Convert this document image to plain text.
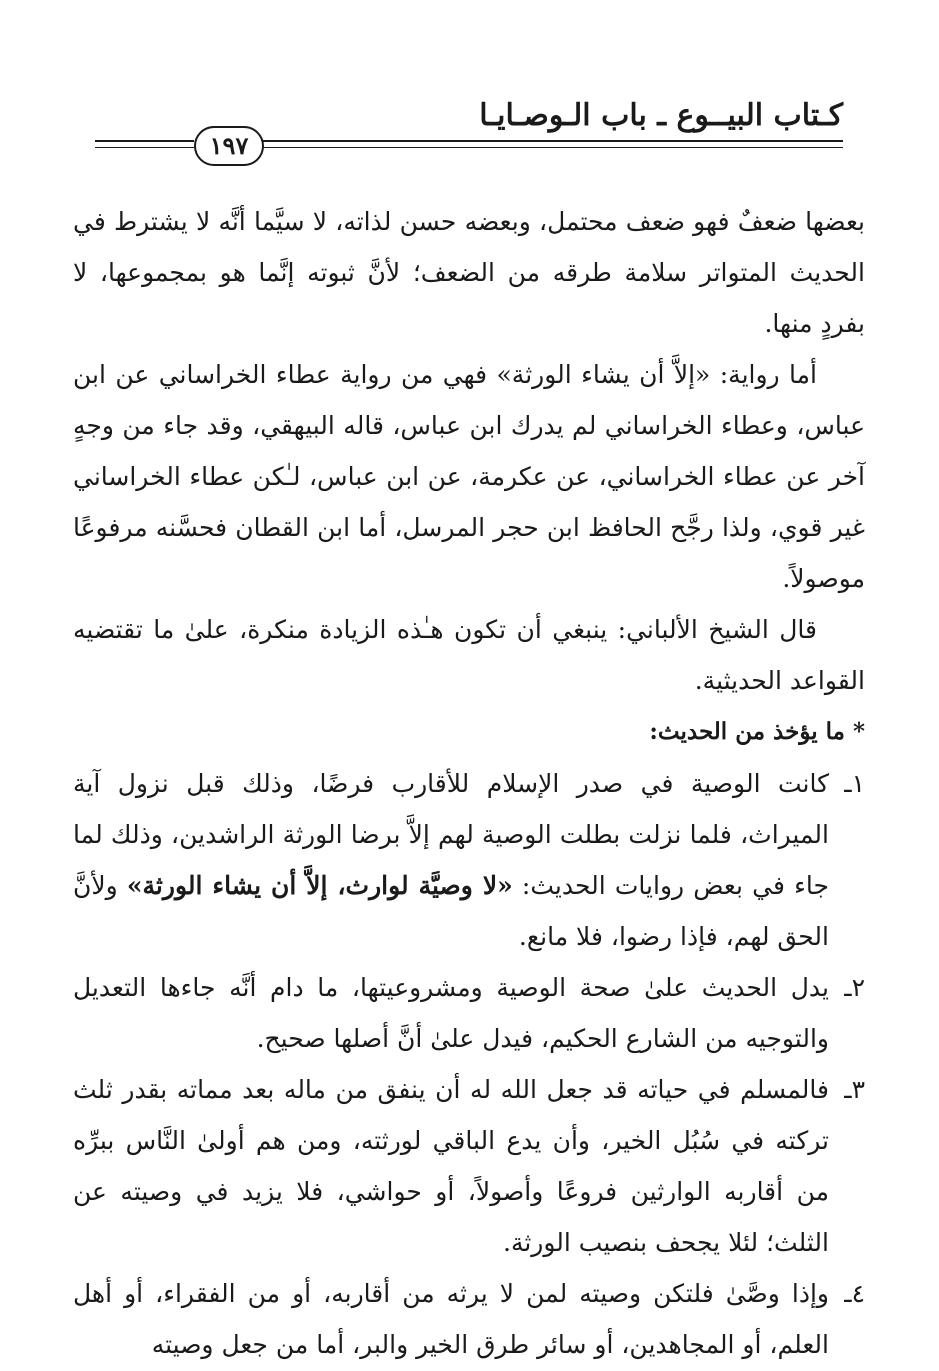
كـتاب البيــوع ـ باب الـوصـايـا
١٩٧

بعضها ضعفٌ فهو ضعف محتمل، وبعضه حسن لذاته، لا سيَّما أنَّه لا يشترط في الحديث المتواتر سلامة طرقه من الضعف؛ لأنَّ ثبوته إنَّما هو بمجموعها، لا بفردٍ منها.

أما رواية: «إلاَّ أن يشاء الورثة» فهي من رواية عطاء الخراساني عن ابن عباس، وعطاء الخراساني لم يدرك ابن عباس، قاله البيهقي، وقد جاء من وجهٍ آخر عن عطاء الخراساني، عن عكرمة، عن ابن عباس، لـٰكن عطاء الخراساني غير قوي، ولذا رجَّح الحافظ ابن حجر المرسل، أما ابن القطان فحسَّنه مرفوعًا موصولاً.

قال الشيخ الألباني: ينبغي أن تكون هـٰذه الزيادة منكرة، علىٰ ما تقتضيه القواعد الحديثية.

* ما يؤخذ من الحديث:

١ـ
كانت الوصية في صدر الإسلام للأقارب فرضًا، وذلك قبل نزول آية الميراث، فلما نزلت بطلت الوصية لهم إلاَّ برضا الورثة الراشدين، وذلك لما جاء في بعض روايات الحديث: «لا وصيَّة لوارث، إلاَّ أن يشاء الورثة» ولأنَّ الحق لهم، فإذا رضوا، فلا مانع.
٢ـ
يدل الحديث علىٰ صحة الوصية ومشروعيتها، ما دام أنَّه جاءها التعديل والتوجيه من الشارع الحكيم، فيدل علىٰ أنَّ أصلها صحيح.
٣ـ
فالمسلم في حياته قد جعل الله له أن ينفق من ماله بعد مماته بقدر ثلث تركته في سُبُل الخير، وأن يدع الباقي لورثته، ومن هم أولىٰ النَّاس ببرِّه من أقاربه الوارثين فروعًا وأصولاً، أو حواشي، فلا يزيد في وصيته عن الثلث؛ لئلا يجحف بنصيب الورثة.
٤ـ
وإذا وصَّىٰ فلتكن وصيته لمن لا يرثه من أقاربه، أو من الفقراء، أو أهل العلم، أو المجاهدين، أو سائر طرق الخير والبر، أما من جعل وصيته
